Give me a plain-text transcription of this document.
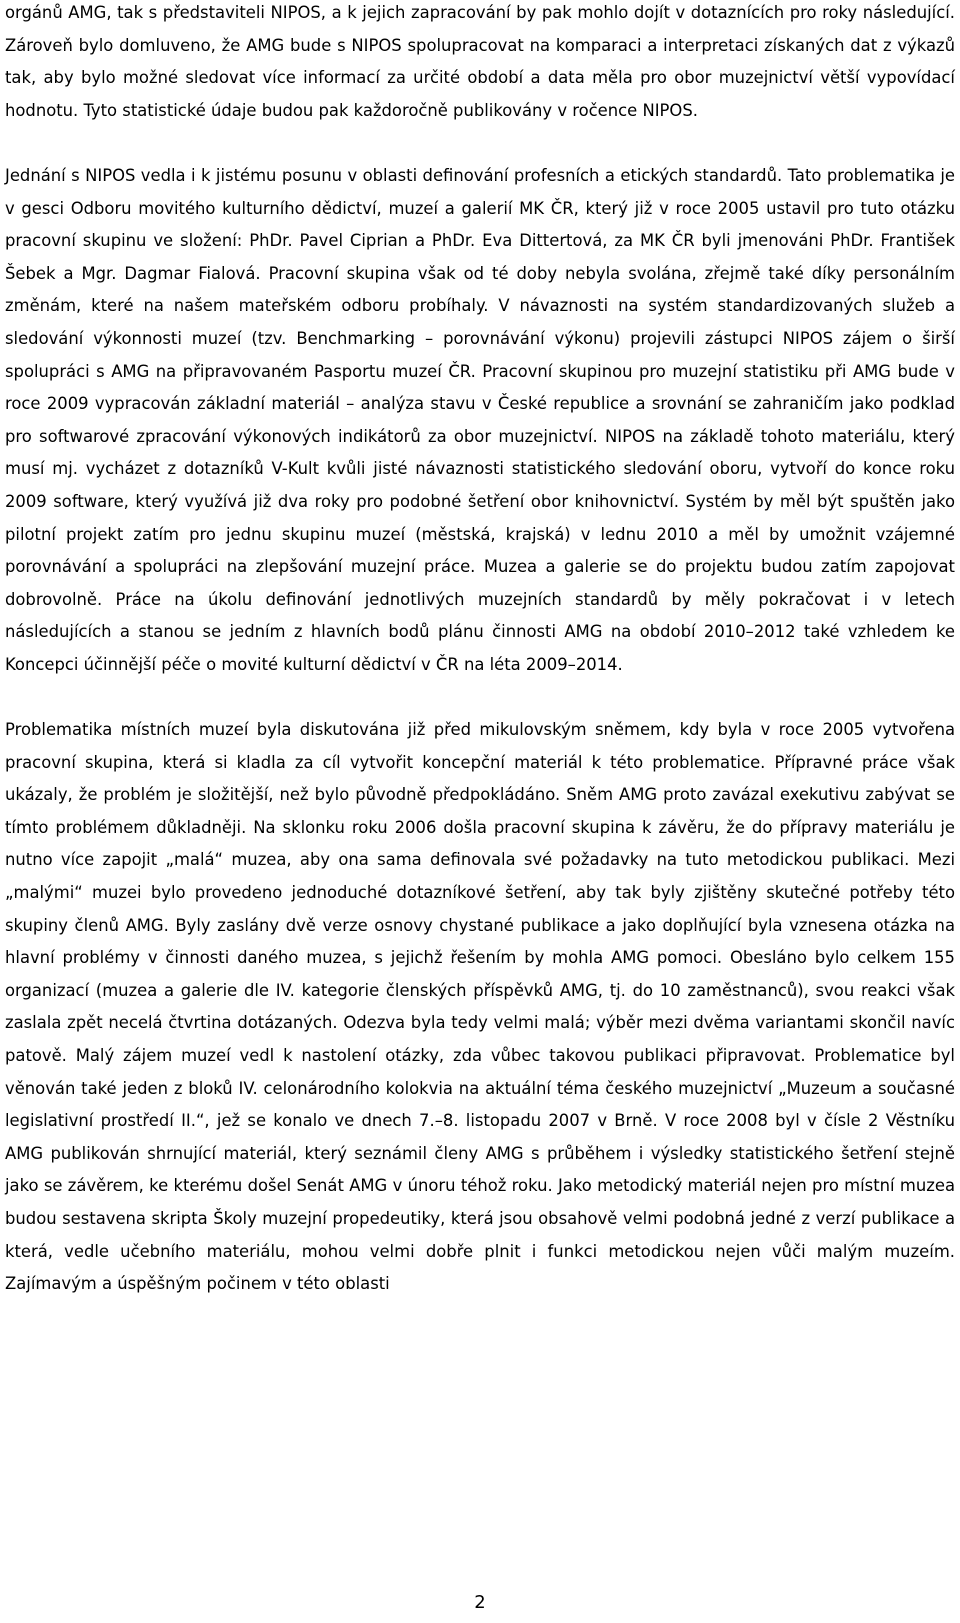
orgánů AMG, tak s představiteli NIPOS, a k jejich zapracování by pak mohlo dojít v dotaznících pro roky následující. Zároveň bylo domluveno, že AMG bude s NIPOS spolupracovat na komparaci a interpretaci získaných dat z výkazů tak, aby bylo možné sledovat více informací za určité období a data měla pro obor muzejnictví větší vypovídací hodnotu. Tyto statistické údaje budou pak každoročně publikovány v ročence NIPOS.

Jednání s NIPOS vedla i k jistému posunu v oblasti definování profesních a etických standardů. Tato problematika je v gesci Odboru movitého kulturního dědictví, muzeí a galerií MK ČR, který již v roce 2005 ustavil pro tuto otázku pracovní skupinu ve složení: PhDr. Pavel Ciprian a PhDr. Eva Dittertová, za MK ČR byli jmenováni PhDr. František Šebek a Mgr. Dagmar Fialová. Pracovní skupina však od té doby nebyla svolána, zřejmě také díky personálním změnám, které na našem mateřském odboru probíhaly. V návaznosti na systém standardizovaných služeb a sledování výkonnosti muzeí (tzv. Benchmarking – porovnávání výkonu) projevili zástupci NIPOS zájem o širší spolupráci s AMG na připravovaném Pasportu muzeí ČR. Pracovní skupinou pro muzejní statistiku při AMG bude v roce 2009 vypracován základní materiál – analýza stavu v České republice a srovnání se zahraničím jako podklad pro softwarové zpracování výkonových indikátorů za obor muzejnictví. NIPOS na základě tohoto materiálu, který musí mj. vycházet z dotazníků V-Kult kvůli jisté návaznosti statistického sledování oboru, vytvoří do konce roku 2009 software, který využívá již dva roky pro podobné šetření obor knihovnictví. Systém by měl být spuštěn jako pilotní projekt zatím pro jednu skupinu muzeí (městská, krajská) v lednu 2010 a měl by umožnit vzájemné porovnávání a spolupráci na zlepšování muzejní práce. Muzea a galerie se do projektu budou zatím zapojovat dobrovolně. Práce na úkolu definování jednotlivých muzejních standardů by měly pokračovat i v letech následujících a stanou se jedním z hlavních bodů plánu činnosti AMG na období 2010–2012 také vzhledem ke Koncepci účinnější péče o movité kulturní dědictví v ČR na léta 2009–2014.

Problematika místních muzeí byla diskutována již před mikulovským sněmem, kdy byla v roce 2005 vytvořena pracovní skupina, která si kladla za cíl vytvořit koncepční materiál k této problematice. Přípravné práce však ukázaly, že problém je složitější, než bylo původně předpokládáno. Sněm AMG proto zavázal exekutivu zabývat se tímto problémem důkladněji. Na sklonku roku 2006 došla pracovní skupina k závěru, že do přípravy materiálu je nutno více zapojit „malá“ muzea, aby ona sama definovala své požadavky na tuto metodickou publikaci. Mezi „malými“ muzei bylo provedeno jednoduché dotazníkové šetření, aby tak byly zjištěny skutečné potřeby této skupiny členů AMG. Byly zaslány dvě verze osnovy chystané publikace a jako doplňující byla vznesena otázka na hlavní problémy v činnosti daného muzea, s jejichž řešením by mohla AMG pomoci. Obesláno bylo celkem 155 organizací (muzea a galerie dle IV. kategorie členských příspěvků AMG, tj. do 10 zaměstnanců), svou reakci však zaslala zpět necelá čtvrtina dotázaných. Odezva byla tedy velmi malá; výběr mezi dvěma variantami skončil navíc patově. Malý zájem muzeí vedl k nastolení otázky, zda vůbec takovou publikaci připravovat. Problematice byl věnován také jeden z bloků IV. celonárodního kolokvia na aktuální téma českého muzejnictví „Muzeum a současné legislativní prostředí II.“, jež se konalo ve dnech 7.–8. listopadu 2007 v Brně. V roce 2008 byl v čísle 2 Věstníku AMG publikován shrnující materiál, který seznámil členy AMG s průběhem i výsledky statistického šetření stejně jako se závěrem, ke kterému došel Senát AMG v únoru téhož roku. Jako metodický materiál nejen pro místní muzea budou sestavena skripta Školy muzejní propedeutiky, která jsou obsahově velmi podobná jedné z verzí publikace a která, vedle učebního materiálu, mohou velmi dobře plnit i funkci metodickou nejen vůči malým muzeím. Zajímavým a úspěšným počinem v této oblasti

2
